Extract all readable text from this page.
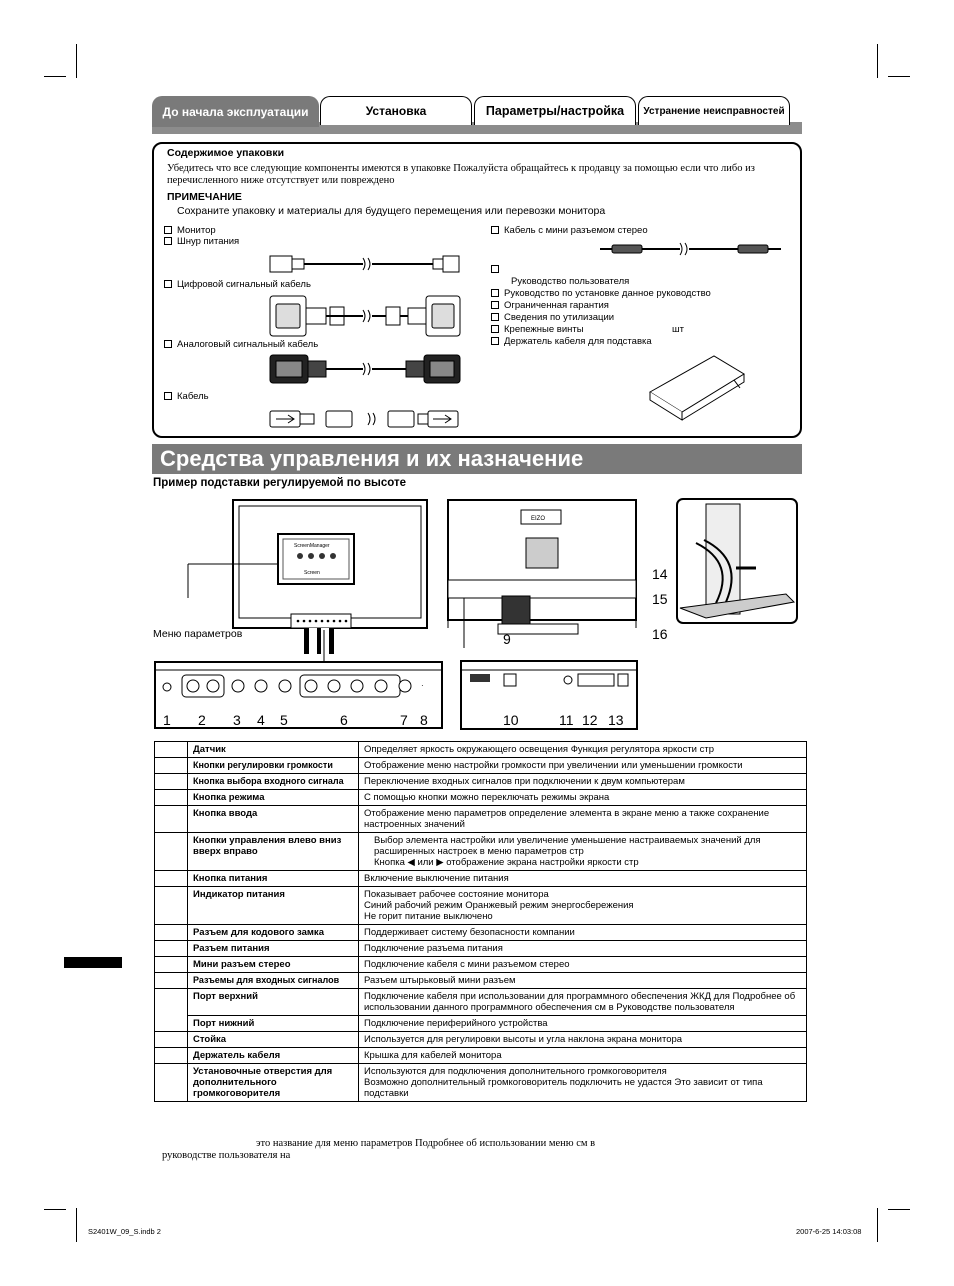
До начала эксплуатации	Установка	Параметры/настройка	Устранение неисправностей
Содержимое упаковки
Убедитесь что все следующие компоненты имеются в упаковке Пожалуйста обращайтесь к продавцу за помощью если что либо из перечисленного ниже отсутствует или повреждено
ПРИМЕЧАНИЕ
Сохраните упаковку и материалы для будущего перемещения или перевозки монитора
Монитор
Шнур питания
Цифровой сигнальный кабель
Аналоговый сигнальный кабель
Кабель
Кабель с мини разъемом стерео
Руководство пользователя
Руководство по установке данное руководство
Ограниченная гарантия
Сведения по утилизации
Крепежные винты	шт
Держатель кабеля для подставка
Средства управления и их назначение
Пример подставки регулируемой по высоте
ScreenManager
Screen
Меню параметров
·
1 2 3 4 5	6	7 8
EIZO
14
15
16
9
10	11 12 13
	Датчик	Определяет яркость окружающего освещения Функция регулятора яркости стр
	Кнопки регулировки громкости	Отображение меню настройки громкости при увеличении или уменьшении громкости
	Кнопка выбора входного сигнала	Переключение входных сигналов при подключении к двум компьютерам
	Кнопка режима	С помощью кнопки можно переключать режимы экрана
	Кнопка ввода	Отображение меню параметров определение элемента в экране меню а также сохранение настроенных значений
	Кнопки управления влево вниз вверх вправо	Выбор элемента настройки или увеличение уменьшение настраиваемых значений для расширенных настроек в меню параметров стр
Кнопка ◀ или ▶ отображение экрана настройки яркости стр

	Кнопка питания	Включение выключение питания
	Индикатор питания	Показывает рабочее состояние монитора
Синий рабочий режим Оранжевый режим энергосбережения
Не горит питание выключено

	Разъем для кодового замка	Поддерживает систему безопасности компании
	Разъем питания	Подключение разъема питания
	Мини разъем стерео	Подключение кабеля с мини разъемом стерео
	Разъемы для входных сигналов	Разъем штырьковый мини разъем
	Порт верхний	Подключение кабеля при использовании для программного обеспечения ЖКД для Подробнее об использовании данного программного обеспечения см в Руководстве пользователя
	Порт нижний	Подключение периферийного устройства
	Стойка	Используется для регулировки высоты и угла наклона экрана монитора
	Держатель кабеля	Крышка для кабелей монитора
	Установочные отверстия для дополнительного громкоговорителя	Используются для подключения дополнительного громкоговорителя
Возможно дополнительный громкоговоритель подключить не удастся Это зависит от типа подставки
это название для меню параметров Подробнее об использовании меню см в
руководстве пользователя на
S2401W_09_S.indb 2	2007-6-25 14:03:08
